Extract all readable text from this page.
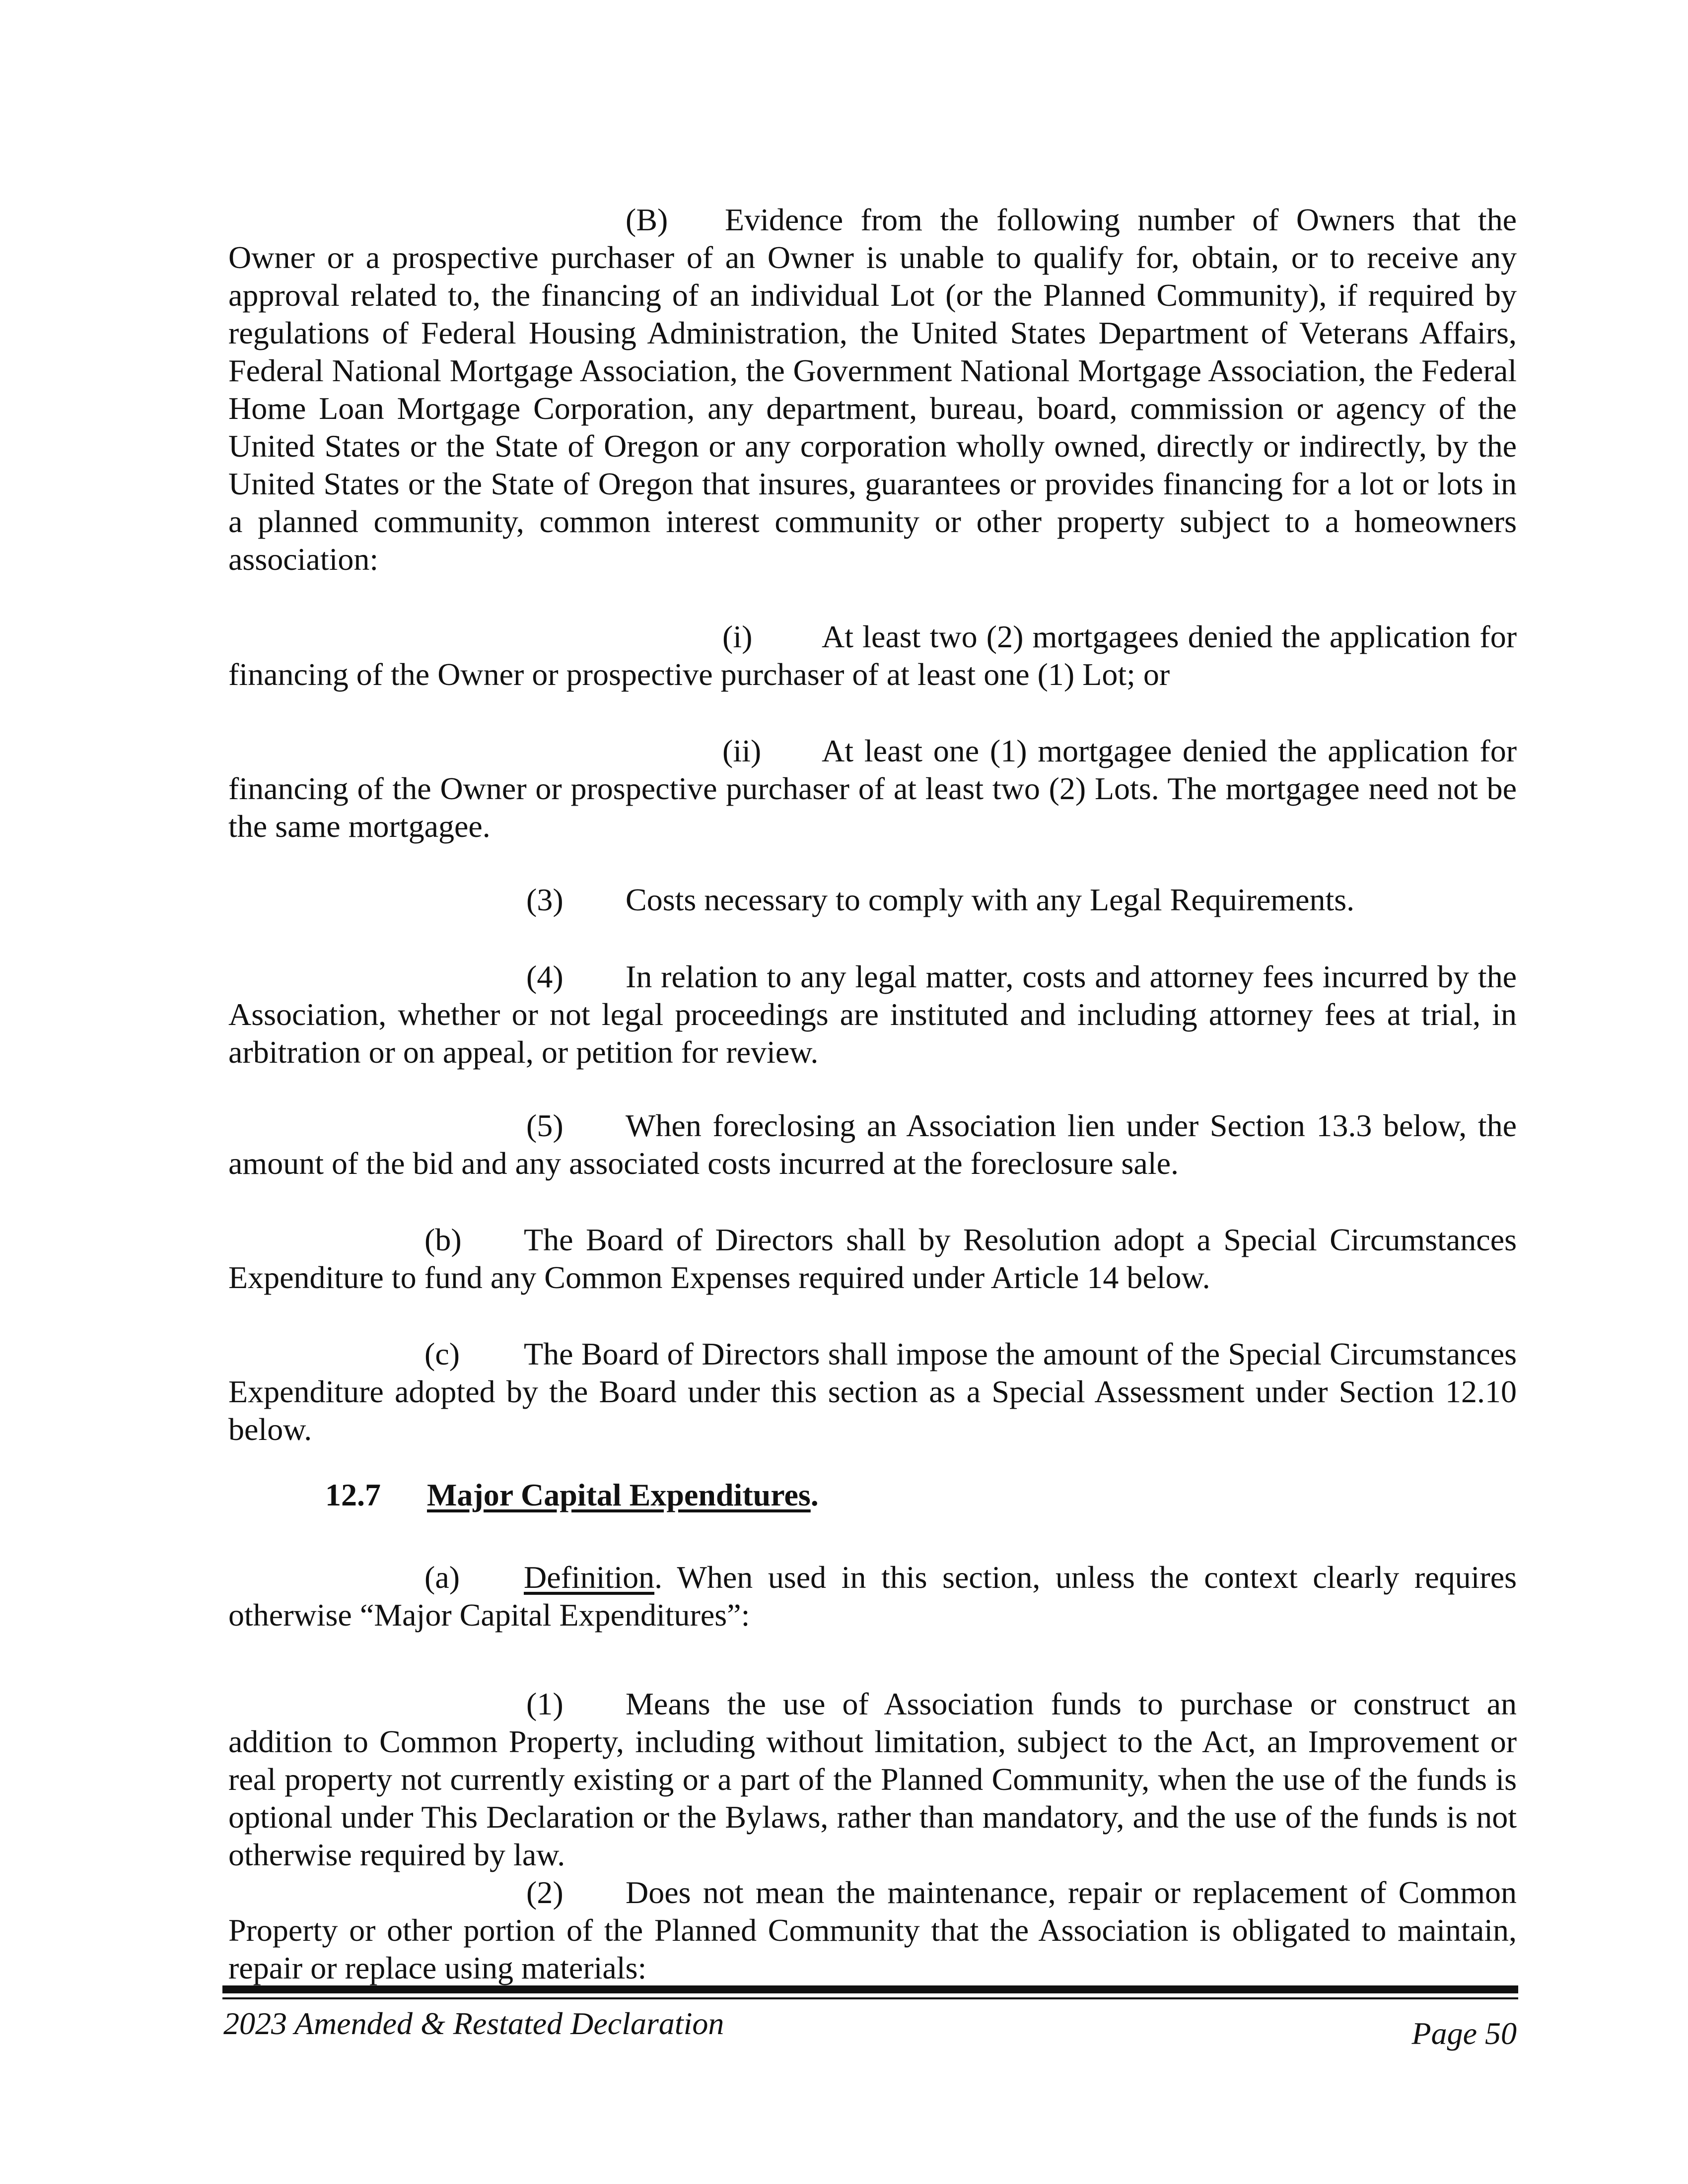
(B) Evidence from the following number of Owners that the Owner or a prospective purchaser of an Owner is unable to qualify for, obtain, or to receive any approval related to, the financing of an individual Lot (or the Planned Community), if required by regulations of Federal Housing Administration, the United States Department of Veterans Affairs, Federal National Mortgage Association, the Government National Mortgage Association, the Federal Home Loan Mortgage Corporation, any department, bureau, board, commission or agency of the United States or the State of Oregon or any corporation wholly owned, directly or indirectly, by the United States or the State of Oregon that insures, guarantees or provides financing for a lot or lots in a planned community, common interest community or other property subject to a homeowners association:

(i) At least two (2) mortgagees denied the application for financing of the Owner or prospective purchaser of at least one (1) Lot; or

(ii) At least one (1) mortgagee denied the application for financing of the Owner or prospective purchaser of at least two (2) Lots. The mortgagee need not be the same mortgagee.

(3) Costs necessary to comply with any Legal Requirements.

(4) In relation to any legal matter, costs and attorney fees incurred by the Association, whether or not legal proceedings are instituted and including attorney fees at trial, in arbitration or on appeal, or petition for review.

(5) When foreclosing an Association lien under Section 13.3 below, the amount of the bid and any associated costs incurred at the foreclosure sale.

(b) The Board of Directors shall by Resolution adopt a Special Circumstances Expenditure to fund any Common Expenses required under Article 14 below.

(c) The Board of Directors shall impose the amount of the Special Circumstances Expenditure adopted by the Board under this section as a Special Assessment under Section 12.10 below.

12.7 Major Capital Expenditures.

(a) Definition. When used in this section, unless the context clearly requires otherwise “Major Capital Expenditures”:

(1) Means the use of Association funds to purchase or construct an addition to Common Property, including without limitation, subject to the Act, an Improvement or real property not currently existing or a part of the Planned Community, when the use of the funds is optional under This Declaration or the Bylaws, rather than mandatory, and the use of the funds is not otherwise required by law.

(2) Does not mean the maintenance, repair or replacement of Common Property or other portion of the Planned Community that the Association is obligated to maintain, repair or replace using materials:

2023 Amended & Restated Declaration	Page 50
